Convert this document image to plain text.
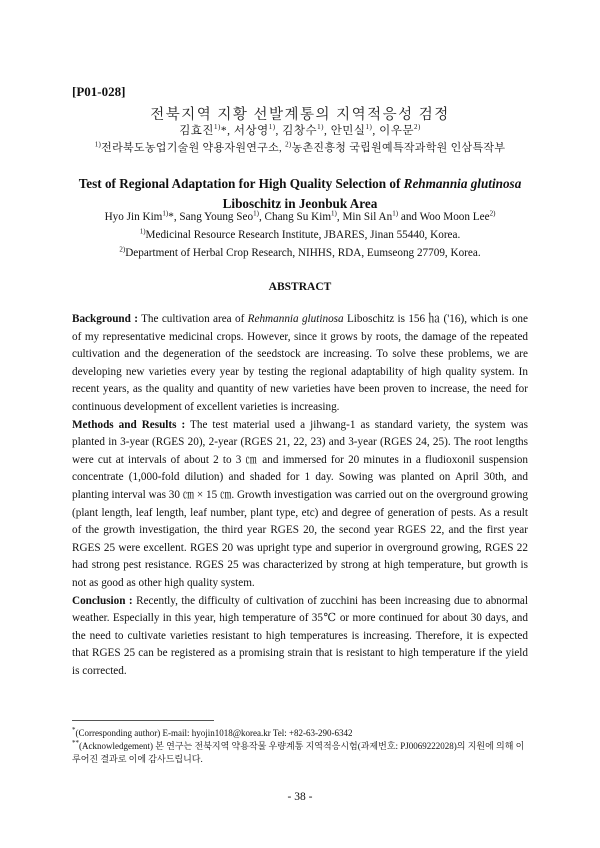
[P01-028]
전북지역 지황 선발계통의 지역적응성 검정
김효진$^{1)}$*, 서상영$^{1)}$, 김창수$^{1)}$, 안민실$^{1)}$, 이우문$^{2)}$
$^{1)}$전라북도농업기술원 약용자원연구소, $^{2)}$농촌진흥청 국립원예특작과학원 인삼특작부
Test of Regional Adaptation for High Quality Selection of Rehmannia glutinosa
Liboschitz in Jeonbuk Area
Hyo Jin Kim$^{1)}$*, Sang Young Seo$^{1)}$, Chang Su Kim$^{1)}$, Min Sil An$^{1)}$ and Woo Moon Lee$^{2)}$
$^{1)}$Medicinal Resource Research Institute, JBARES, Jinan 55440, Korea.
$^{2)}$Department of Herbal Crop Research, NIHHS, RDA, Eumseong 27709, Korea.
ABSTRACT

Background : The cultivation area of Rehmannia glutinosa Liboschitz is 156 ㏊ ('16), which is one of my representative medicinal crops. However, since it grows by roots, the damage of the repeated cultivation and the degeneration of the seedstock are increasing. To solve these problems, we are developing new varieties every year by testing the regional adaptability of high quality system. In recent years, as the quality and quantity of new varieties have been proven to increase, the need for continuous development of excellent varieties is increasing.

Methods and Results : The test material used a jihwang-1 as standard variety, the system was planted in 3-year (RGES 20), 2-year (RGES 21, 22, 23) and 3-year (RGES 24, 25). The root lengths were cut at intervals of about 2 to 3 ㎝ and immersed for 20 minutes in a fludioxonil suspension concentrate (1,000-fold dilution) and shaded for 1 day. Sowing was planted on April 30th, and planting interval was 30 ㎝ × 15 ㎝. Growth investigation was carried out on the overground growing (plant length, leaf length, leaf number, plant type, etc) and degree of generation of pests. As a result of the growth investigation, the third year RGES 20, the second year RGES 22, and the first year RGES 25 were excellent. RGES 20 was upright type and superior in overground growing, RGES 22 had strong pest resistance. RGES 25 was characterized by strong at high temperature, but growth is not as good as other high quality system.

Conclusion : Recently, the difficulty of cultivation of zucchini has been increasing due to abnormal weather. Especially in this year, high temperature of 35℃ or more continued for about 30 days, and the need to cultivate varieties resistant to high temperatures is increasing. Therefore, it is expected that RGES 25 can be registered as a promising strain that is resistant to high temperature if the yield is corrected.

*(Corresponding author) E-mail: hyojin1018@korea.kr Tel: +82-63-290-6342

**(Acknowledgement) 본 연구는 전북지역 약용작물 우량계통 지역적응시험(과제번호: PJ0069222028)의 지원에 의해 이루어진 결과로 이에 감사드립니다.

- 38 -
